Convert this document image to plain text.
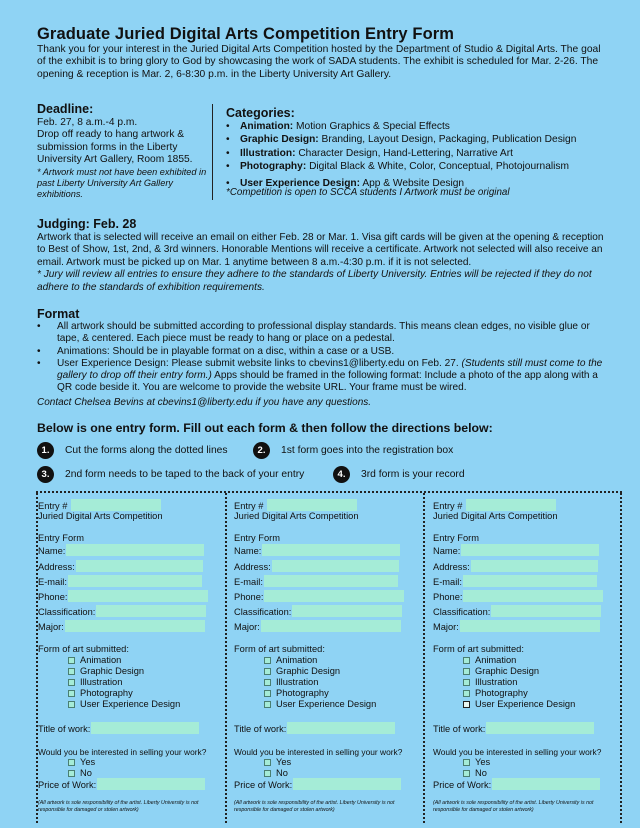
Graduate Juried Digital Arts Competition Entry Form
Thank you for your interest in the Juried Digital Arts Competition hosted by the Department of Studio & Digital Arts. The goal of the exhibit is to bring glory to God by showcasing the work of SADA students. The exhibit is scheduled for Mar. 2-26. The opening & reception is Mar. 2, 6-8:30 p.m. in the Liberty University Art Gallery.
Deadline:
Feb. 27, 8 a.m.-4 p.m.
Drop off ready to hang artwork & submission forms in the Liberty University Art Gallery, Room 1855.
* Artwork must not have been exhibited in past Liberty University Art Gallery exhibitions.
Categories:
• Animation: Motion Graphics & Special Effects
• Graphic Design: Branding, Layout Design, Packaging, Publication Design
• Illustration: Character Design, Hand-Lettering, Narrative Art
• Photography: Digital Black & White, Color, Conceptual, Photojournalism
• User Experience Design: App & Website Design
*Competition is open to SCCA students I Artwork must be original
Judging: Feb. 28
Artwork that is selected will receive an email on either Feb. 28 or Mar. 1. Visa gift cards will be given at the opening & reception to Best of Show, 1st, 2nd, & 3rd winners. Honorable Mentions will receive a certificate. Artwork not selected will also receive an email. Artwork must be picked up on Mar. 1 anytime between 8 a.m.-4:30 p.m. if it is not selected.
* Jury will review all entries to ensure they adhere to the standards of Liberty University. Entries will be rejected if they do not adhere to the standards of exhibition requirements.
Format
•	All artwork should be submitted according to professional display standards. This means clean edges, no visible glue or tape, & centered. Each piece must be ready to hang or place on a pedestal.
•	Animations: Should be in playable format on a disc, within a case or a USB.
•	User Experience Design: Please submit website links to cbevins1@liberty.edu on Feb. 27. (Students still must come to the gallery to drop off their entry form.) Apps should be framed in the following format: Include a photo of the app along with a QR code beside it. You are welcome to provide the website URL. Your frame must be wired.
Contact Chelsea Bevins at cbevins1@liberty.edu if you have any questions.
Below is one entry form. Fill out each form & then follow the directions below:
1.	Cut the forms along the dotted lines	2.	1st form goes into the registration box
3.	2nd form needs to be taped to the back of your entry	4.	3rd form is your record
Entry #
Juried Digital Arts Competition
Entry Form
Name:
Address:
E-mail:
Phone:
Classification:
Major:
Form of art submitted:
Animation
Graphic Design
Illustration
Photography
User Experience Design
Title of work:
Would you be interested in selling your work?
Yes
No
Price of Work:
(All artwork is sole responsibility of the artist. Liberty University is not responsible for damaged or stolen artwork)
Entry #
Juried Digital Arts Competition
Entry Form
Name:
Address:
E-mail:
Phone:
Classification:
Major:
Form of art submitted:
Animation
Graphic Design
Illustration
Photography
User Experience Design
Title of work:
Would you be interested in selling your work?
Yes
No
Price of Work:
(All artwork is sole responsibility of the artist. Liberty University is not responsible for damaged or stolen artwork)
Entry #
Juried Digital Arts Competition
Entry Form
Name:
Address:
E-mail:
Phone:
Classification:
Major:
Form of art submitted:
Animation
Graphic Design
Illustration
Photography
User Experience Design
Title of work:
Would you be interested in selling your work?
Yes
No
Price of Work:
(All artwork is sole responsibility of the artist. Liberty University is not responsible for damaged or stolen artwork)
